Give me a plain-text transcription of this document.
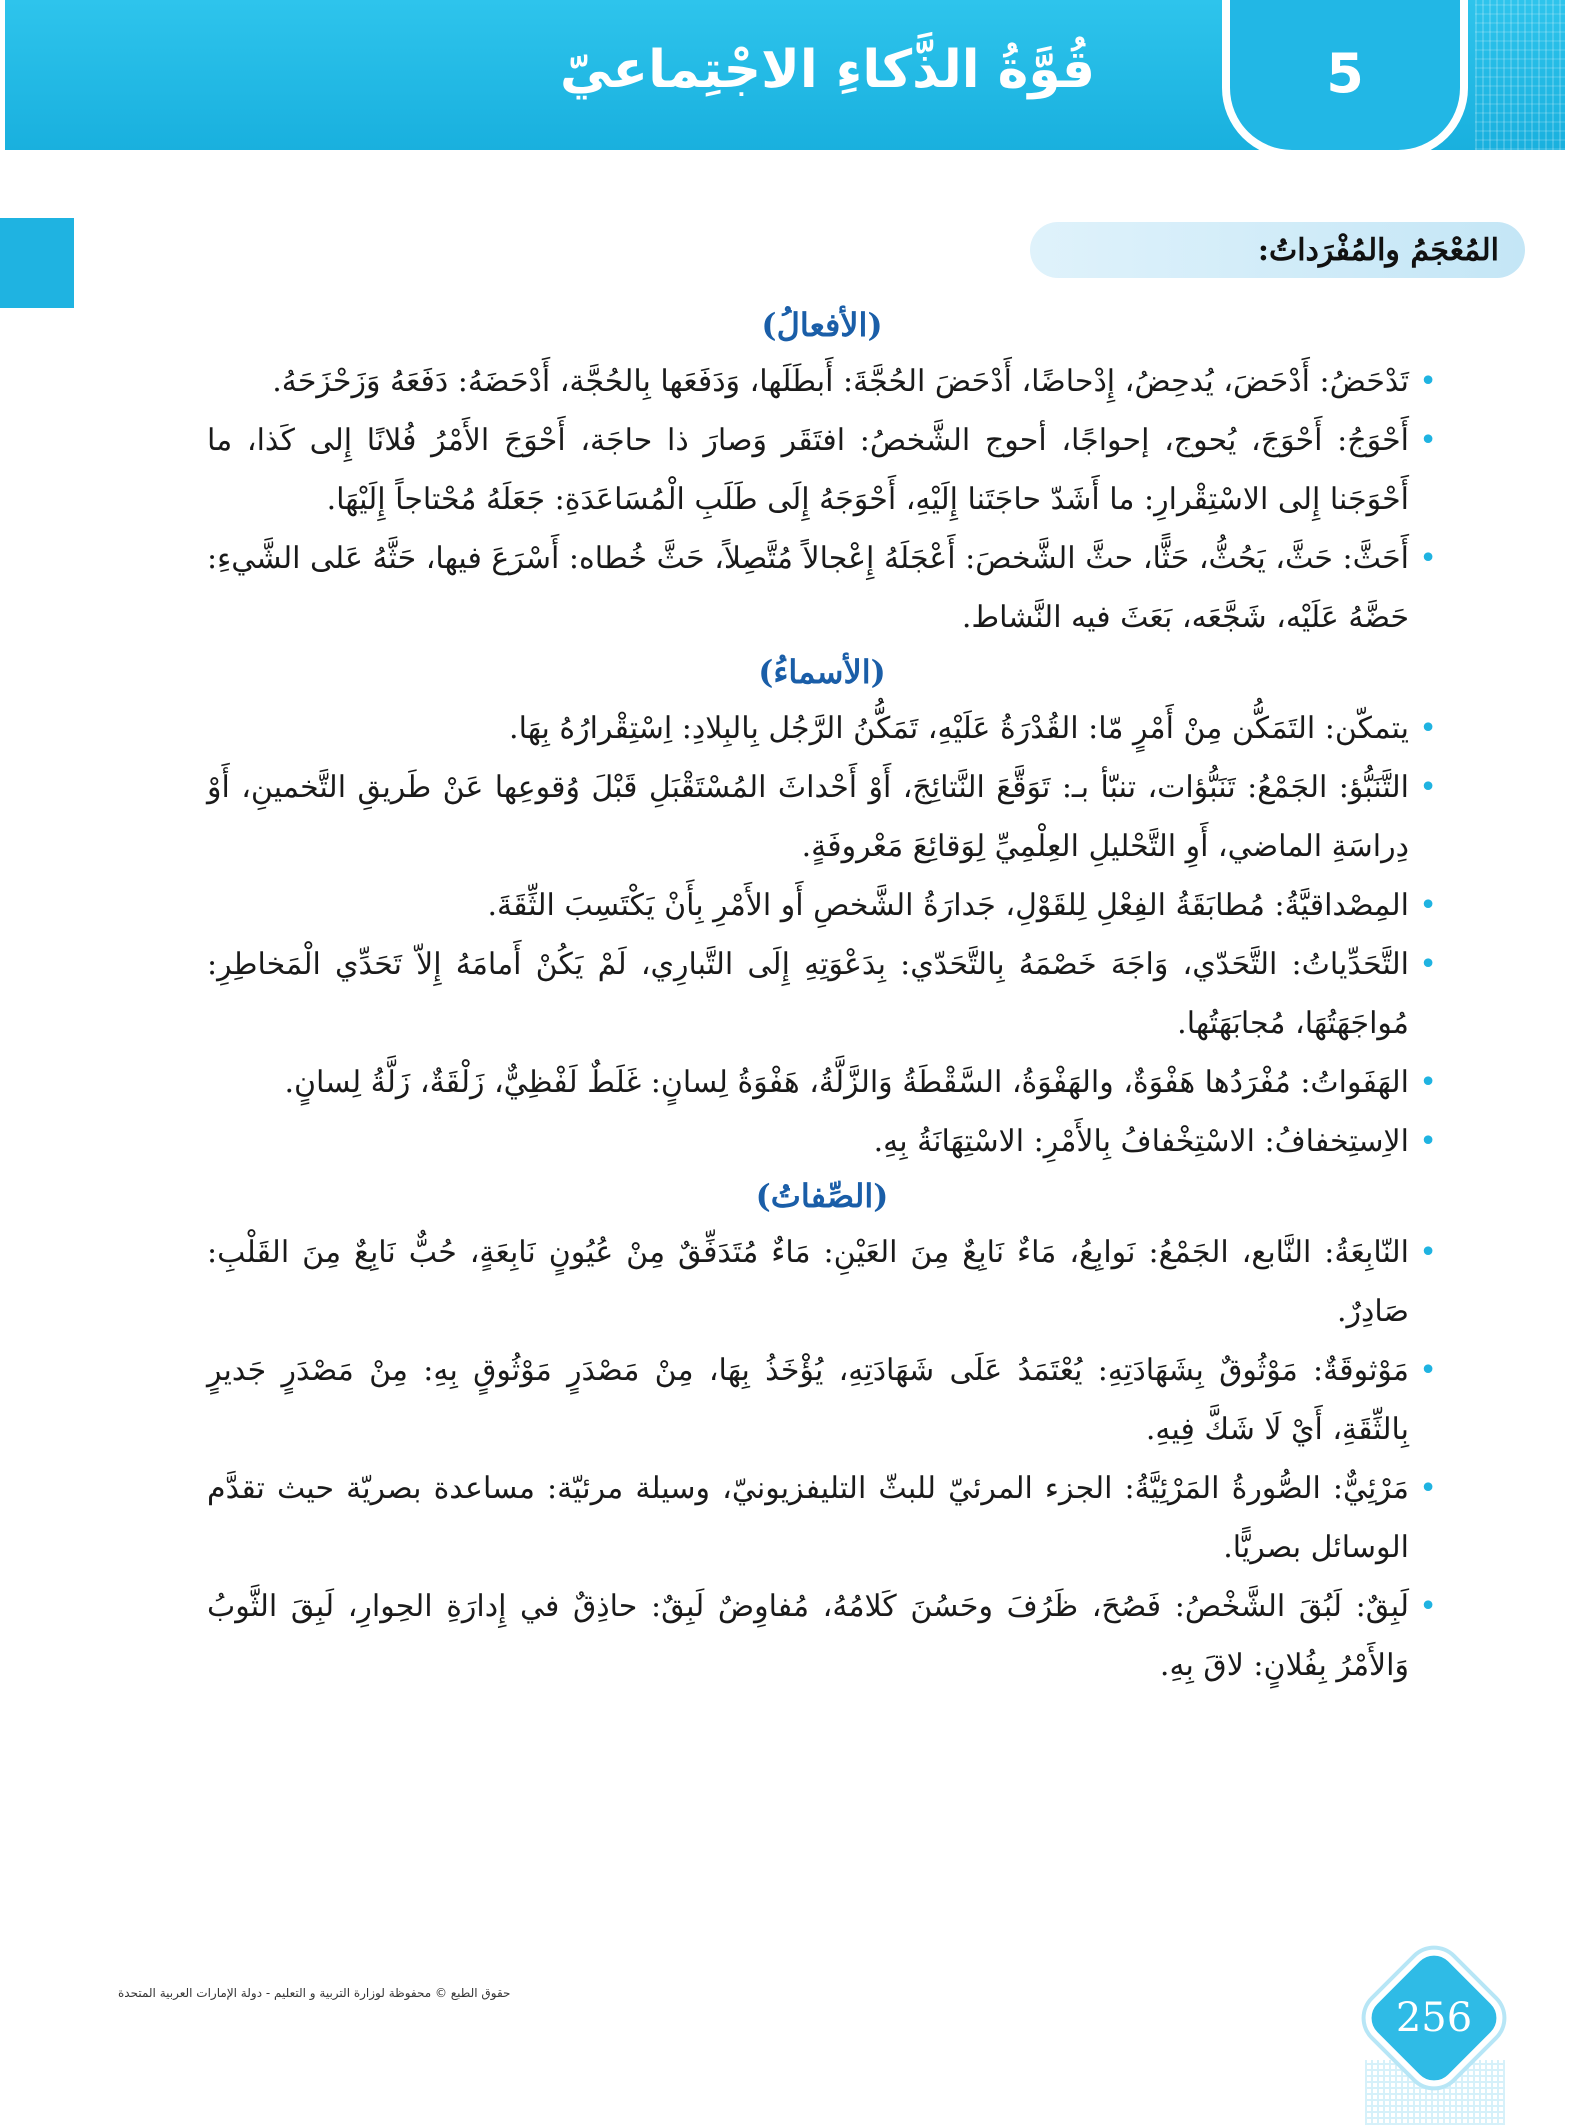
قُوَّةُ الذَّكاءِ الاجْتِماعيّ	5
المُعْجَمُ والمُفْرَداتُ:
(الأفعالُ)
•
تَدْحَضُ: أَدْحَضَ، يُدحِضُ، إِدْحاضًا، أَدْحَضَ الحُجَّةَ: أَبطَلَها، وَدَفَعَها بِالحُجَّة، أَدْحَضَهُ: دَفَعَهُ وَزَحْزَحَهُ.
•
أَحْوَجُ: أَحْوَجَ، يُحوج، إحواجًا، أحوج الشَّخصُ: افتَقَر وَصارَ ذا حاجَة، أَحْوَجَ الأَمْرُ فُلانًا إِلى كَذا، ما أَحْوَجَنا إِلى الاسْتِقْرارِ: ما أَشَدّ حاجَتَنا إِلَيْهِ، أَحْوَجَهُ إِلَى طَلَبِ الْمُسَاعَدَةِ: جَعَلَهُ مُحْتاجاً إِلَيْهَا.
•
أَحَثَّ: حَثَّ، يَحُثُّ، حَثًّا، حثَّ الشَّخصَ: أَعْجَلَهُ إِعْجالاً مُتَّصِلاً، حَثَّ خُطاه: أَسْرَعَ فيها، حَثَّهُ عَلى الشَّيءِ: حَضَّهُ عَلَيْه، شَجَّعَه، بَعَثَ فيه النَّشاط.
(الأسماءُ)
•
يتمكّن: التَمَكُّن مِنْ أَمْرٍ مّا: القُدْرَةُ عَلَيْهِ، تَمَكُّنُ الرَّجُل بِالبِلادِ: اِسْتِقْرارُهُ بِهَا.
•
التَّنَبُّؤ: الجَمْعُ: تَنَبُّؤات، تنبّأ بـ: تَوَقَّعَ النَّتائِجَ، أَوْ أَحْداثَ المُسْتَقْبَلِ قَبْلَ وُقوعِها عَنْ طَريقِ التَّخمينِ، أَوْ دِراسَةِ الماضي، أَوِ التَّحْليلِ العِلْمِيِّ لِوَقائِعَ مَعْروفَةٍ.
•
المِصْداقيَّةُ: مُطابَقَةُ الفِعْلِ لِلقَوْلِ، جَدارَةُ الشَّخصِ أَو الأَمْرِ بِأَنْ يَكْتَسِبَ الثِّقَةَ.
•
التَّحَدِّياتُ: التَّحَدّي، وَاجَهَ خَصْمَهُ بِالتَّحَدّي: بِدَعْوَتِهِ إِلَى التَّبارِي، لَمْ يَكُنْ أَمامَهُ إِلاّ تَحَدِّي الْمَخاطِرِ: مُواجَهَتُهَا، مُجابَهَتُها.
•
الهَفَواتُ: مُفْرَدُها هَفْوَةٌ، والهَفْوَةُ، السَّقْطَةُ وَالزَّلَّةُ، هَفْوَةُ لِسانٍ: غَلَطٌ لَفْظِيٌّ، زَلْقَةٌ، زَلَّةُ لِسانٍ.
•
الاِستِخفافُ: الاسْتِخْفافُ بِالأَمْرِ: الاسْتِهَانَةُ بِهِ.
(الصِّفاتُ)
•
النّابِعَةُ: النَّابع، الجَمْعُ: نَوابِعُ، مَاءٌ نَابِعٌ مِنَ العَيْنِ: مَاءٌ مُتَدَفِّقٌ مِنْ عُيُونٍ نَابِعَةٍ، حُبٌّ نَابِعٌ مِنَ القَلْبِ: صَادِرٌ.
•
مَوْثوقَةٌ: مَوْثُوقٌ بِشَهَادَتِهِ: يُعْتَمَدُ عَلَى شَهَادَتِهِ، يُؤْخَذُ بِهَا، مِنْ مَصْدَرٍ مَوْثُوقٍ بِهِ: مِنْ مَصْدَرٍ جَديرٍ بِالثِّقَةِ، أَيْ لَا شَكَّ فِيهِ.
•
مَرْئِيٌّ: الصُّورةُ المَرْئِيَّةُ: الجزء المرئيّ للبثّ التليفزيونيّ، وسيلة مرئيّة: مساعدة بصريّة حيث تقدَّم الوسائل بصريًّا.
•
لَبِقٌ: لَبُقَ الشَّخْصُ: فَصُحَ، ظَرُفَ وحَسُنَ كَلامُهُ، مُفاوِضٌ لَبِقٌ: حاذِقٌ في إِدارَةِ الحِوارِ، لَبِقَ الثَّوبُ وَالأَمْرُ بِفُلانٍ: لاقَ بِهِ.
حقوق الطبع © محفوظة لوزارة التربية و التعليم - دولة الإمارات العربية المتحدة
256
